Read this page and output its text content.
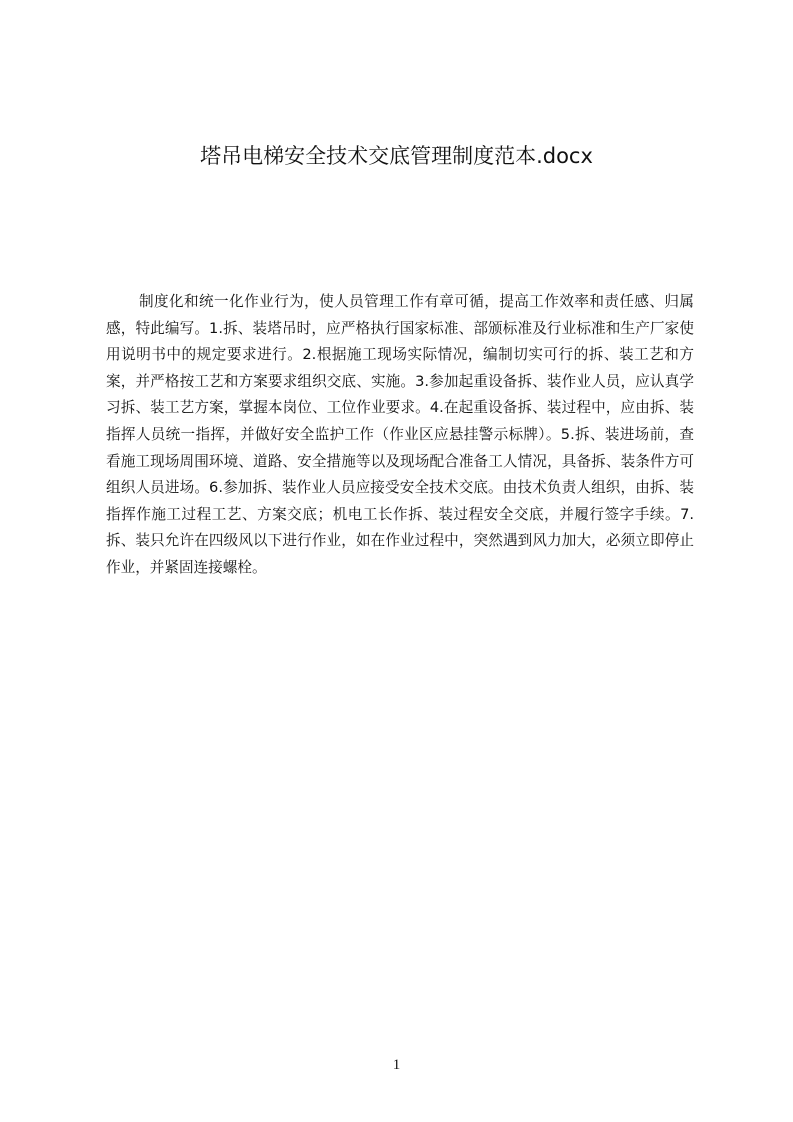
塔吊电梯安全技术交底管理制度范本.docx

制度化和统一化作业行为，使人员管理工作有章可循，提高工作效率和责任感、归属感，特此编写。1.拆、装塔吊时，应严格执行国家标准、部颁标准及行业标准和生产厂家使用说明书中的规定要求进行。2.根据施工现场实际情况，编制切实可行的拆、装工艺和方案，并严格按工艺和方案要求组织交底、实施。3.参加起重设备拆、装作业人员，应认真学习拆、装工艺方案，掌握本岗位、工位作业要求。4.在起重设备拆、装过程中，应由拆、装指挥人员统一指挥，并做好安全监护工作（作业区应悬挂警示标牌）。5.拆、装进场前，查看施工现场周围环境、道路、安全措施等以及现场配合准备工人情况，具备拆、装条件方可组织人员进场。6.参加拆、装作业人员应接受安全技术交底。由技术负责人组织，由拆、装指挥作施工过程工艺、方案交底；机电工长作拆、装过程安全交底，并履行签字手续。7.拆、装只允许在四级风以下进行作业，如在作业过程中，突然遇到风力加大，必须立即停止作业，并紧固连接螺栓。

1
